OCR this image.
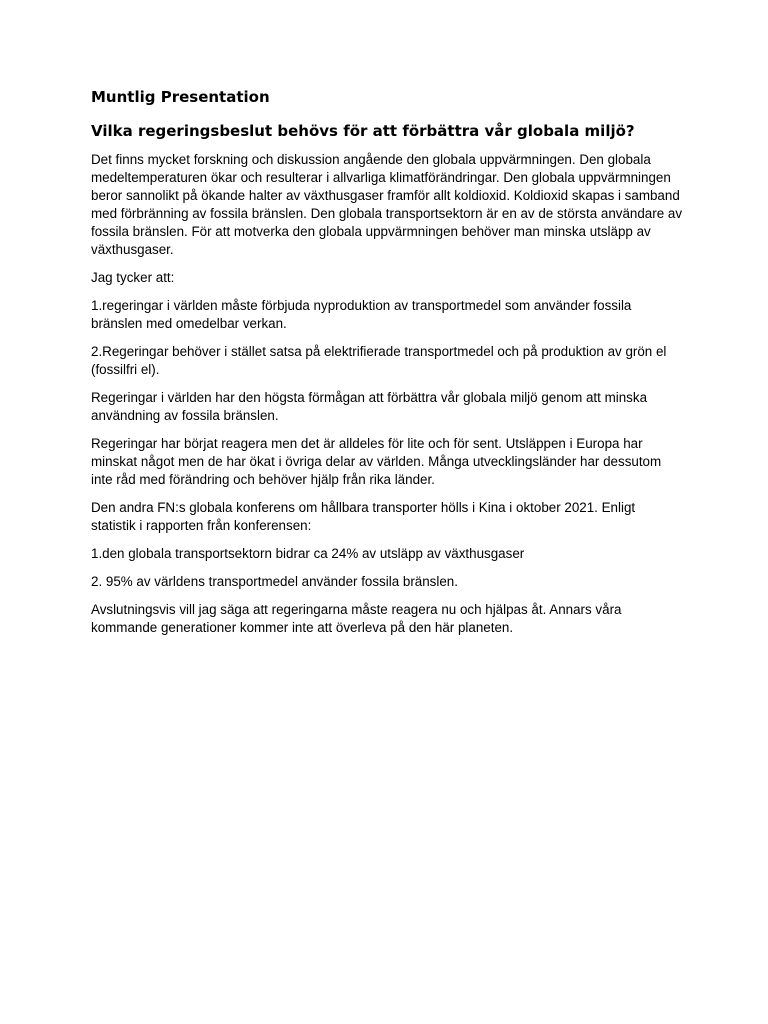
Muntlig Presentation
Vilka regeringsbeslut behövs för att förbättra vår globala miljö?

Det finns mycket forskning och diskussion angående den globala uppvärmningen. Den globala medeltemperaturen ökar och resulterar i allvarliga klimatförändringar. Den globala uppvärmningen beror sannolikt på ökande halter av växthusgaser framför allt koldioxid. Koldioxid skapas i samband med förbränning av fossila bränslen. Den globala transportsektorn är en av de största användare av fossila bränslen. För att motverka den globala uppvärmningen behöver man minska utsläpp av växthusgaser.

Jag tycker att:

1.regeringar i världen måste förbjuda nyproduktion av transportmedel som använder fossila bränslen med omedelbar verkan.

2.Regeringar behöver i stället satsa på elektrifierade transportmedel och på produktion av grön el (fossilfri el).

Regeringar i världen har den högsta förmågan att förbättra vår globala miljö genom att minska användning av fossila bränslen.

Regeringar har börjat reagera men det är alldeles för lite och för sent. Utsläppen i Europa har minskat något men de har ökat i övriga delar av världen. Många utvecklingsländer har dessutom inte råd med förändring och behöver hjälp från rika länder.

Den andra FN:s globala konferens om hållbara transporter hölls i Kina i oktober 2021. Enligt statistik i rapporten från konferensen:

1.den globala transportsektorn bidrar ca 24% av utsläpp av växthusgaser

2. 95% av världens transportmedel använder fossila bränslen.

Avslutningsvis vill jag säga att regeringarna måste reagera nu och hjälpas åt. Annars våra kommande generationer kommer inte att överleva på den här planeten.
